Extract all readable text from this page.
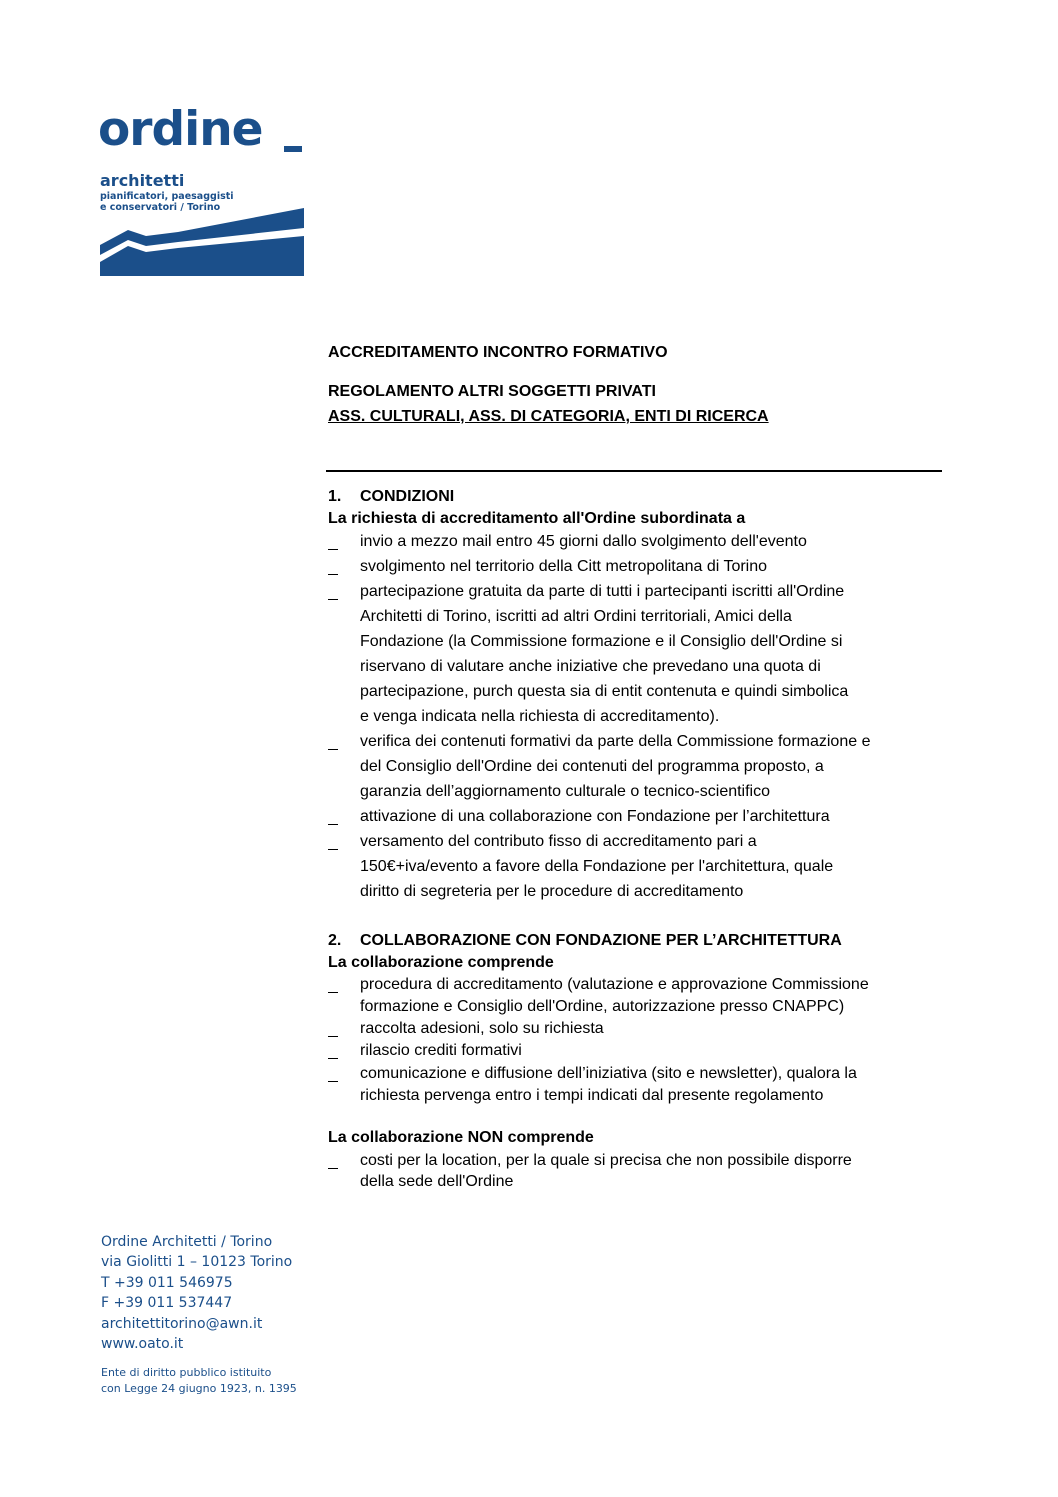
ordine
architetti
pianificatori, paesaggisti
e conservatori / Torino
ACCREDITAMENTO INCONTRO FORMATIVO
REGOLAMENTO ALTRI SOGGETTI PRIVATI
ASS. CULTURALI, ASS. DI CATEGORIA, ENTI DI RICERCA
1. CONDIZIONI
La richiesta di accreditamento all'Ordine subordinata a
invio a mezzo mail entro 45 giorni dallo svolgimento dell'evento
svolgimento nel territorio della Citt metropolitana di Torino
partecipazione gratuita da parte di tutti i partecipanti iscritti all'Ordine
Architetti di Torino, iscritti ad altri Ordini territoriali, Amici della
Fondazione (la Commissione formazione e il Consiglio dell'Ordine si
riservano di valutare anche iniziative che prevedano una quota di
partecipazione, purch questa sia di entit contenuta e quindi simbolica
e venga indicata nella richiesta di accreditamento).
verifica dei contenuti formativi da parte della Commissione formazione e
del Consiglio dell'Ordine dei contenuti del programma proposto, a
garanzia dell’aggiornamento culturale o tecnico-scientifico
attivazione di una collaborazione con Fondazione per l’architettura
versamento del contributo fisso di accreditamento pari a
150€+iva/evento a favore della Fondazione per l'architettura, quale
diritto di segreteria per le procedure di accreditamento
2. COLLABORAZIONE CON FONDAZIONE PER L’ARCHITETTURA
La collaborazione comprende
procedura di accreditamento (valutazione e approvazione Commissione
formazione e Consiglio dell'Ordine, autorizzazione presso CNAPPC)
raccolta adesioni, solo su richiesta
rilascio crediti formativi
comunicazione e diffusione dell’iniziativa (sito e newsletter), qualora la
richiesta pervenga entro i tempi indicati dal presente regolamento
La collaborazione NON comprende
costi per la location, per la quale si precisa che non possibile disporre
della sede dell'Ordine
Ordine Architetti / Torino
via Giolitti 1 – 10123 Torino
T +39 011 546975
F +39 011 537447
architettitorino@awn.it
www.oato.it
Ente di diritto pubblico istituito
con Legge 24 giugno 1923, n. 1395
